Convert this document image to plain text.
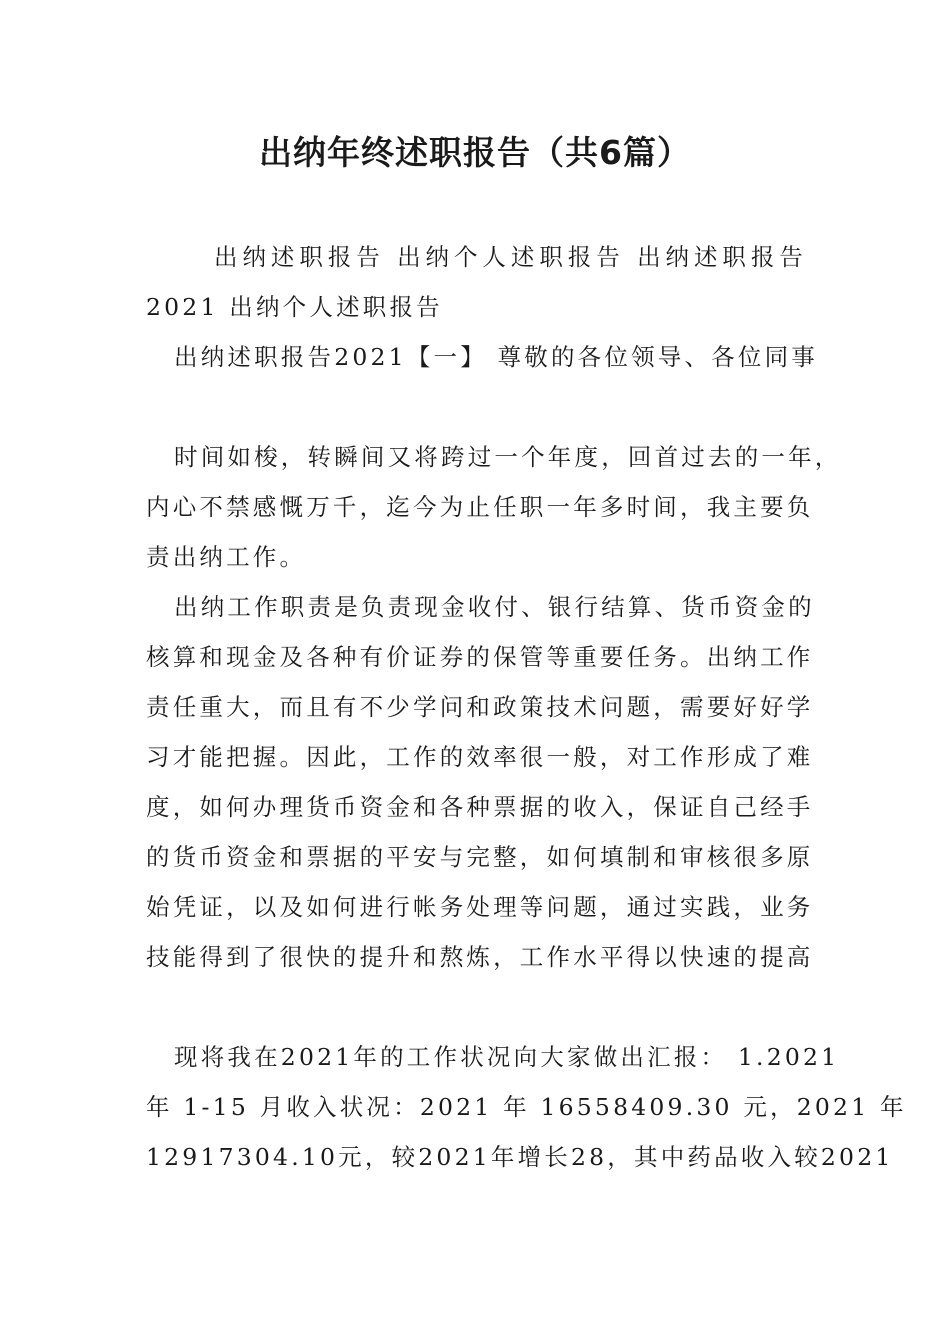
出纳年终述职报告（共6篇）
出纳述职报告 出纳个人述职报告 出纳述职报告
2021 出纳个人述职报告
出纳述职报告2021【一】 尊敬的各位领导、各位同事
时间如梭，转瞬间又将跨过一个年度，回首过去的一年，
内心不禁感慨万千，迄今为止任职一年多时间，我主要负
责出纳工作。
出纳工作职责是负责现金收付、银行结算、货币资金的
核算和现金及各种有价证券的保管等重要任务。出纳工作
责任重大，而且有不少学问和政策技术问题，需要好好学
习才能把握。因此，工作的效率很一般，对工作形成了难
度，如何办理货币资金和各种票据的收入，保证自己经手
的货币资金和票据的平安与完整，如何填制和审核很多原
始凭证，以及如何进行帐务处理等问题，通过实践，业务
技能得到了很快的提升和熬炼，工作水平得以快速的提高
现将我在2021年的工作状况向大家做出汇报： 1.2021
年 1-15 月收入状况：2021 年 16558409.30 元，2021 年
12917304.10元，较2021年增长28，其中药品收入较2021
